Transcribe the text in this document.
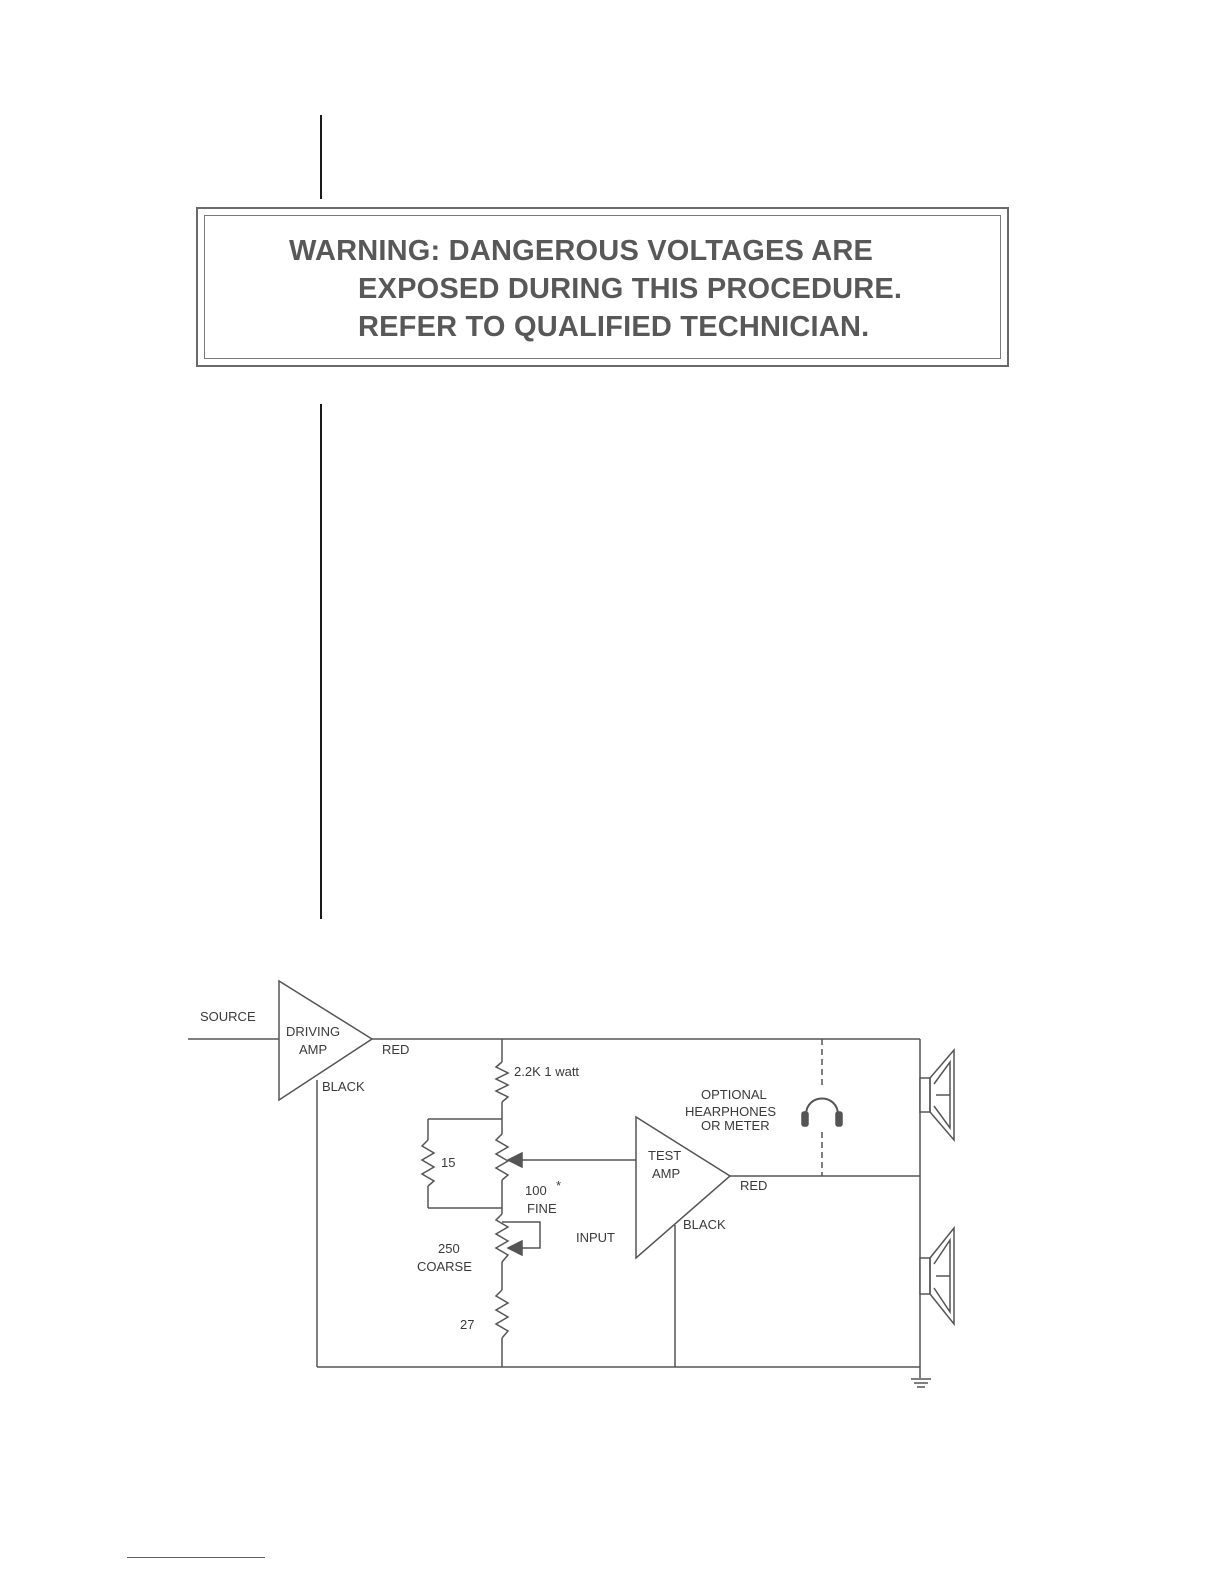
WARNING: DANGEROUS VOLTAGES ARE
EXPOSED DURING THIS PROCEDURE.
REFER TO QUALIFIED TECHNICIAN.
SOURCE
DRIVING
AMP	RED
BLACK
2.2K 1 watt
OPTIONAL
HEARPHONES
OR METER
TEST
AMP
RED
BLACK
15
100 *
FINE
INPUT
250
COARSE
27
